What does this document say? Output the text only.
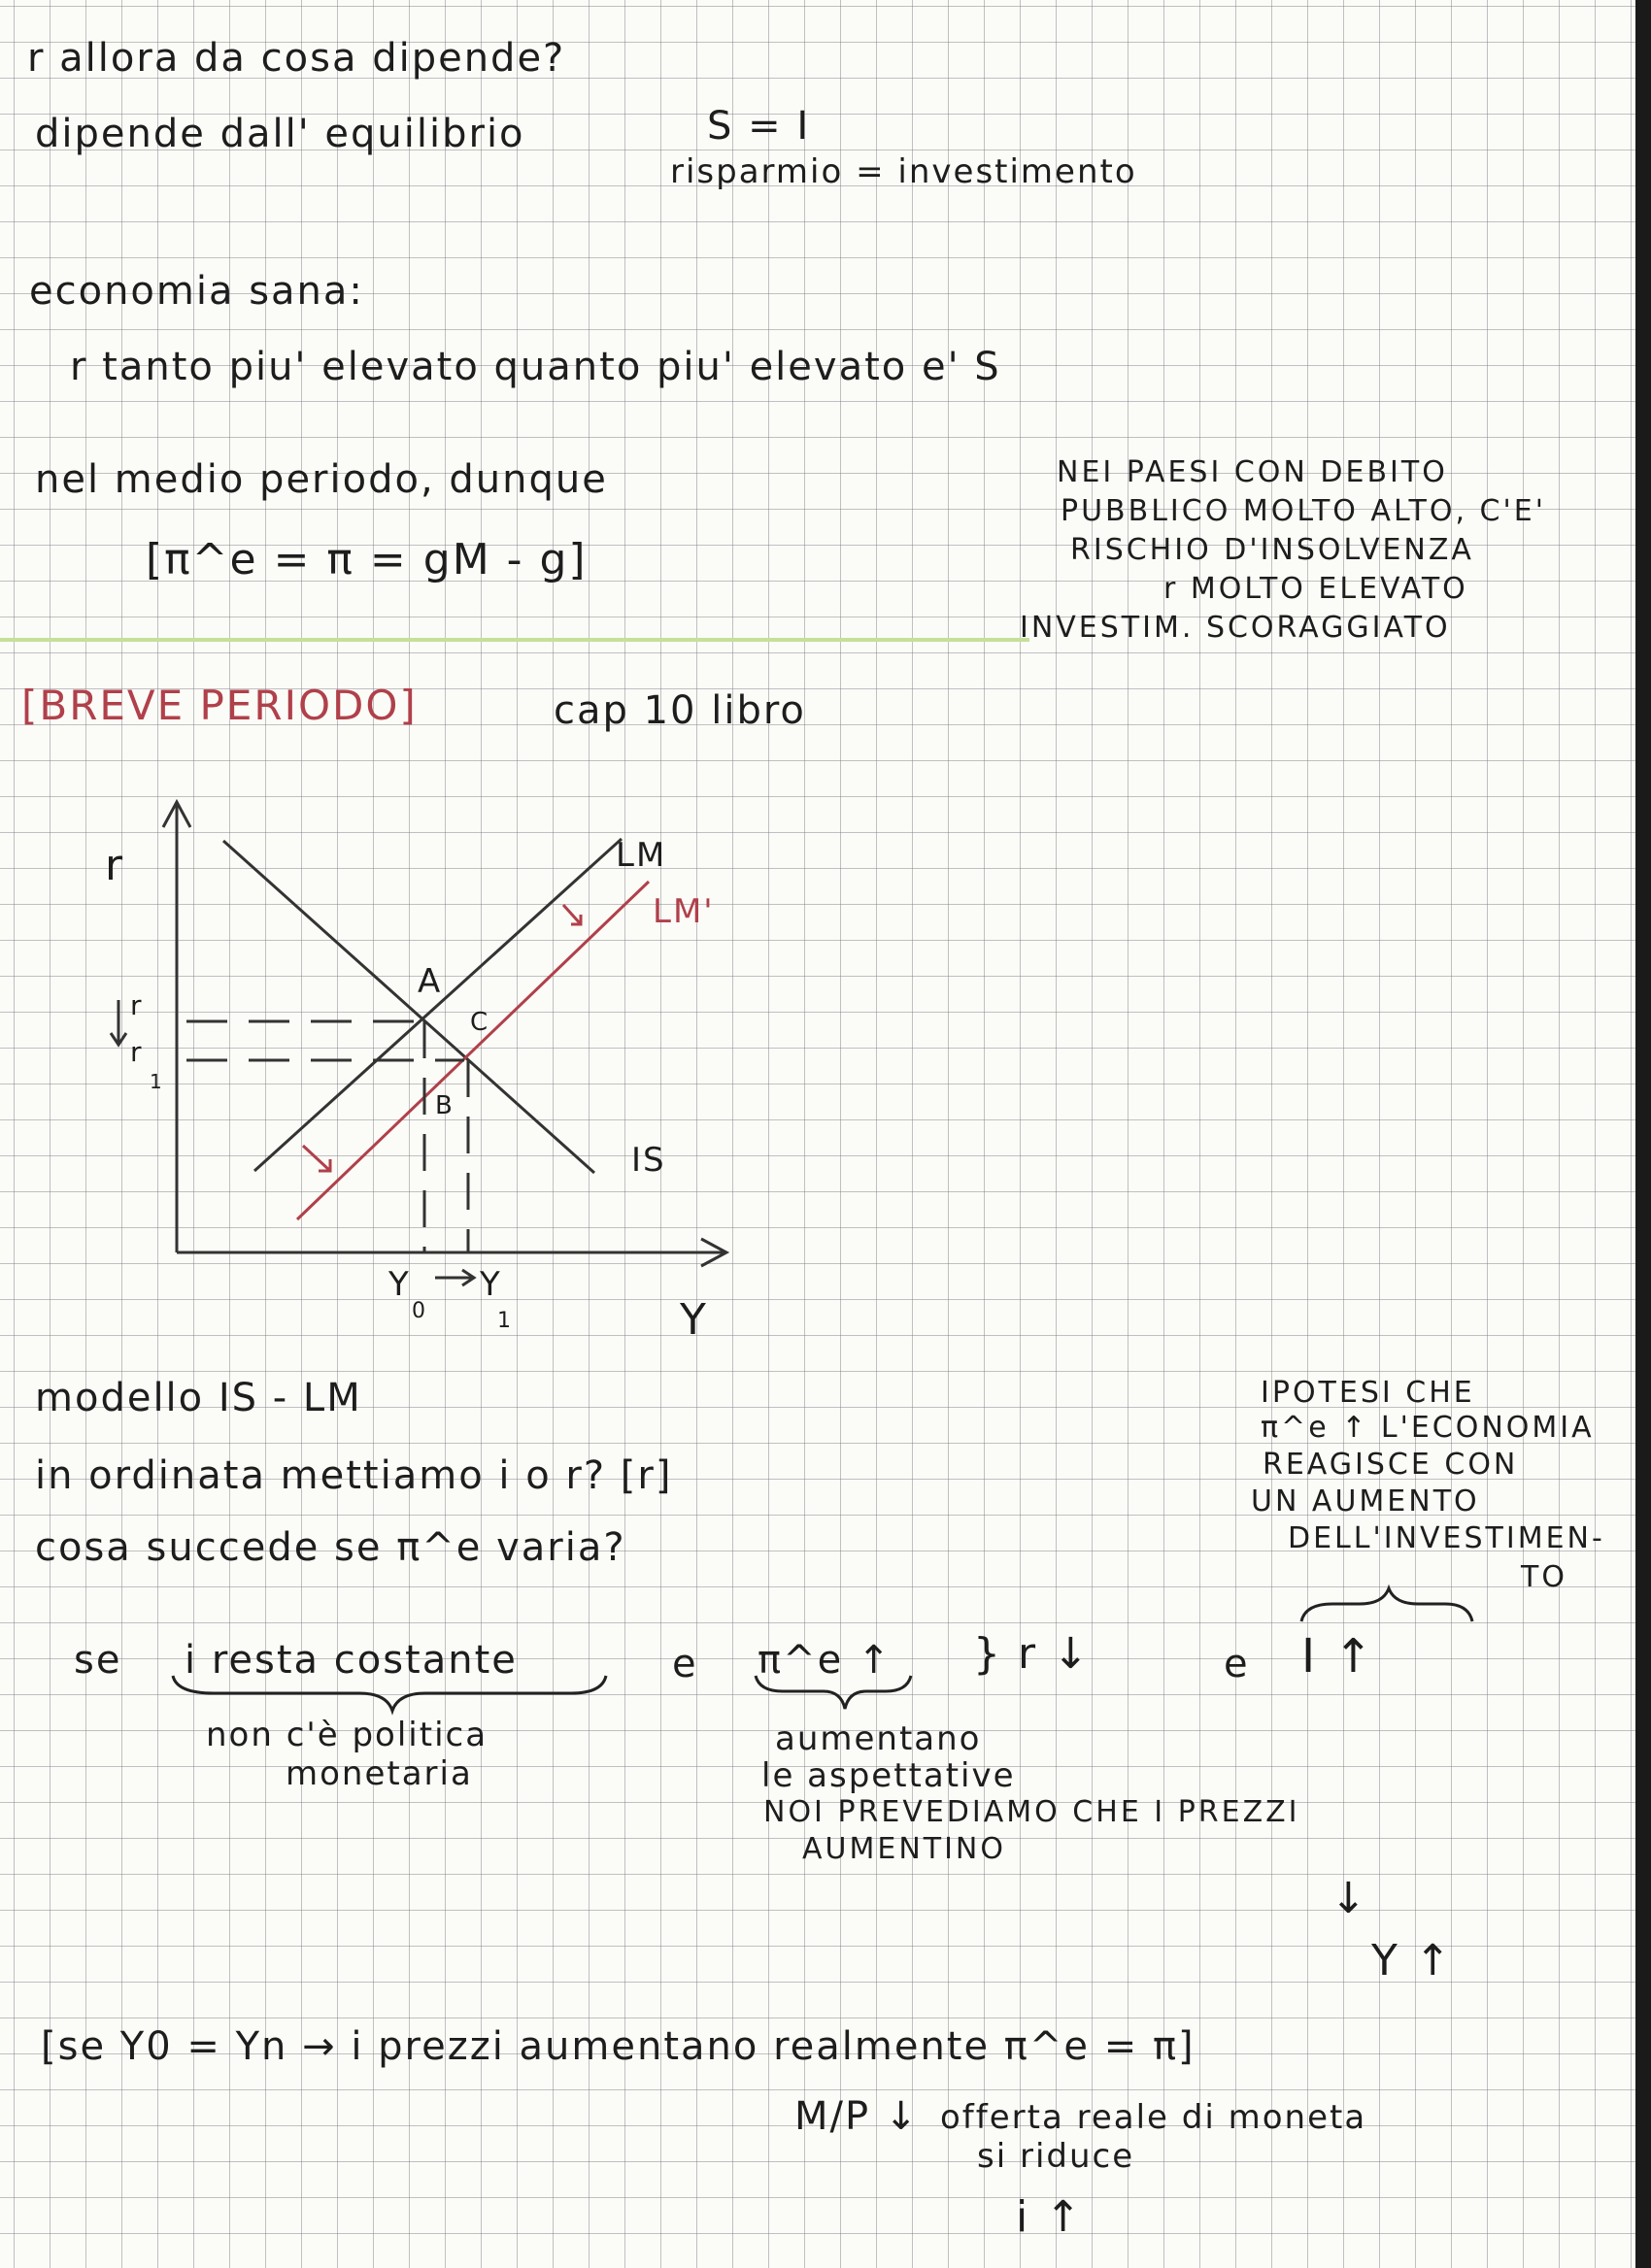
r allora da cosa dipende?
dipende dall' equilibrio	S = I
risparmio = investimento
economia sana:
r tanto piu' elevato quanto piu' elevato e' S
nel medio periodo, dunque
[π^e = π = gM - g]
NEI PAESI CON DEBITO
PUBBLICO MOLTO ALTO, C'E'
RISCHIO D'INSOLVENZA
r MOLTO ELEVATO
INVESTIM. SCORAGGIATO
[BREVE PERIODO]	cap 10 libro
r
Y
LM
LM'
IS
A
B
C
r
r
1
Y
0
Y
1
modello IS - LM
in ordinata mettiamo i o r? [r]
cosa succede se π^e varia?
IPOTESI CHE
π^e ↑ L'ECONOMIA
REAGISCE CON
UN AUMENTO
DELL'INVESTIMEN-
TO
se i resta costante	e π^e ↑ } r ↓	e I ↑
non c'è politica
monetaria
aumentano
le aspettative
NOI PREVEDIAMO CHE I PREZZI
AUMENTINO
↓
Y ↑
[se Y0 = Yn → i prezzi aumentano realmente π^e = π]
M/P ↓ offerta reale di moneta
si riduce
i ↑
